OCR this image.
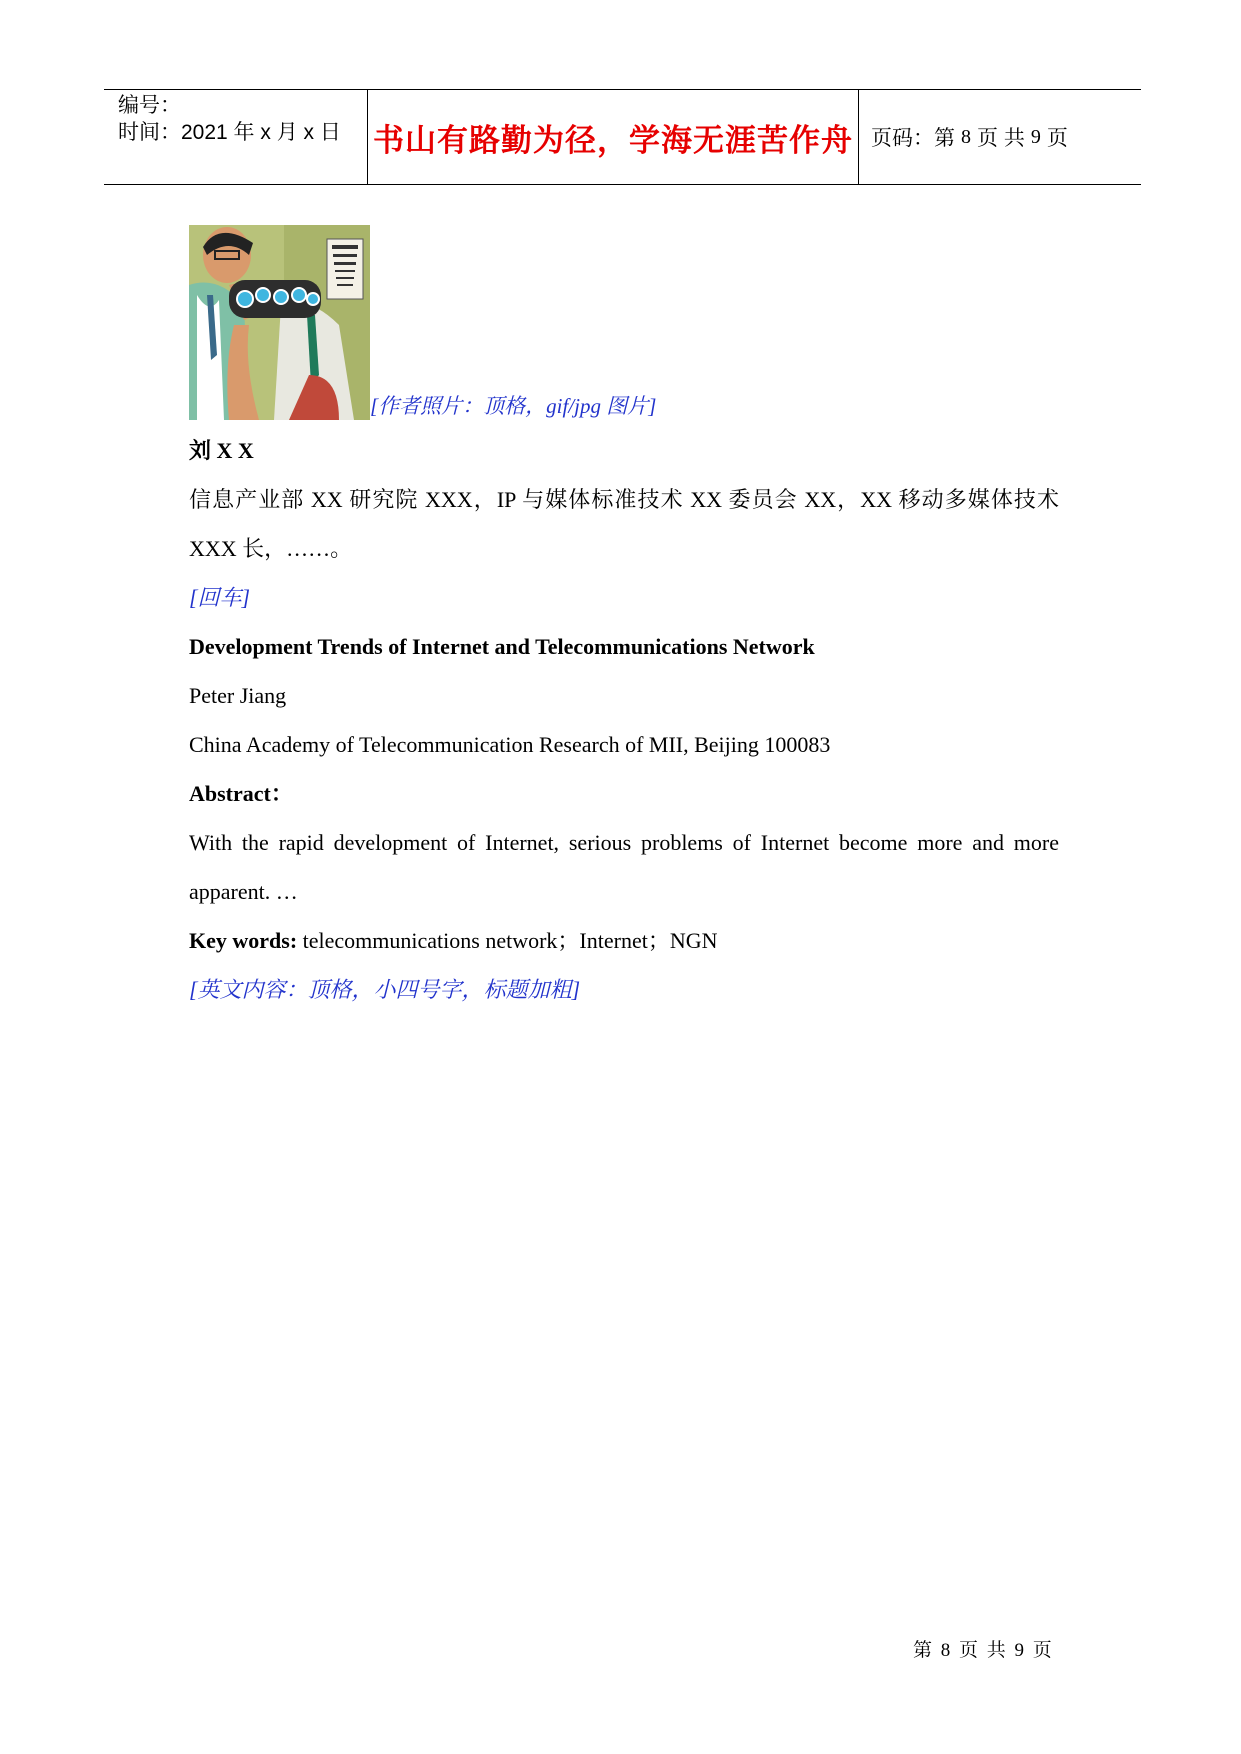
编号：
时间：2021 年 x 月 x 日	书山有路勤为径，学海无涯苦作舟 页码：第 8 页 共 9 页
[作者照片：顶格，gif/jpg 图片]

刘 X X

信息产业部 XX 研究院 XXX，IP 与媒体标准技术 XX 委员会 XX，XX 移动多媒体技术 XXX 长，……。

[回车]

Development Trends of Internet and Telecommunications Network

Peter Jiang

China Academy of Telecommunication Research of MII, Beijing 100083

Abstract：

With the rapid development of Internet, serious problems of Internet become more and more apparent. …

Key words: telecommunications network；Internet；NGN

[英文内容：顶格，小四号字，标题加粗]

第 8 页 共 9 页
